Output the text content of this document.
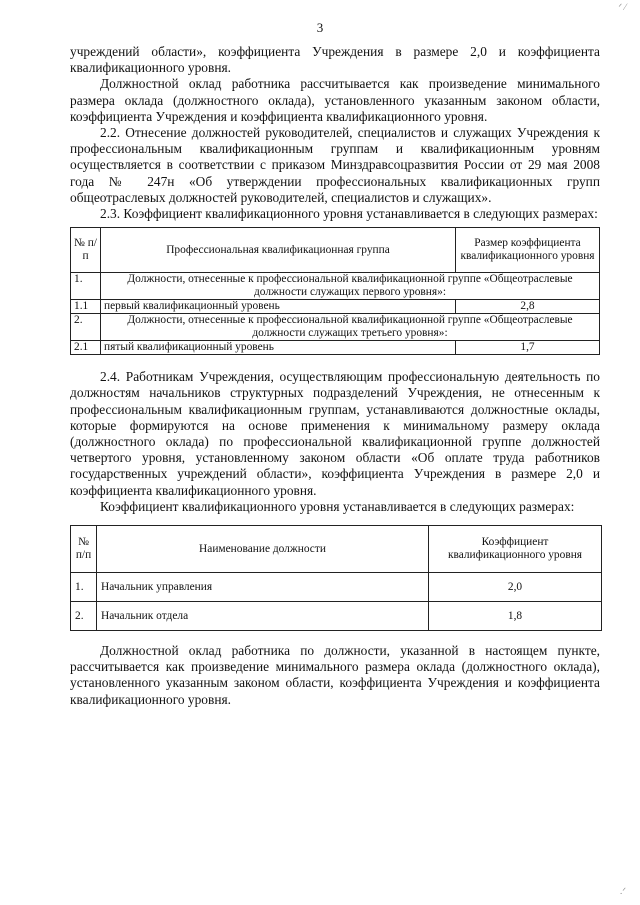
ᐟ ⁄
3

учреждений области», коэффициента Учреждения в размере 2,0 и коэффициента квалификационного уровня.

Должностной оклад работника рассчитывается как произведение минимального размера оклада (должностного оклада), установленного указанным законом области, коэффициента Учреждения и коэффициента квалификационного уровня.

2.2. Отнесение должностей руководителей, специалистов и служащих Учреждения к профессиональным квалификационным группам и квалификационным уровням осуществляется в соответствии с приказом Минздравсоцразвития России от 29 мая 2008 года № 247н «Об утверждении профессиональных квалификационных групп общеотраслевых должностей руководителей, специалистов и служащих».

2.3. Коэффициент квалификационного уровня устанавливается в следующих размерах:

№ п/п	Профессиональная квалификационная группа	Размер коэффициента квалификационного уровня
1.	Должности, отнесенные к профессиональной квалификационной группе «Общеотраслевые должности служащих первого уровня»:	
1.1	первый квалификационный уровень	2,8
2.	Должности, отнесенные к профессиональной квалификационной группе «Общеотраслевые должности служащих третьего уровня»:	
2.1	пятый квалификационный уровень	1,7

2.4. Работникам Учреждения, осуществляющим профессиональную деятельность по должностям начальников структурных подразделений Учреждения, не отнесенным к профессиональным квалификационным группам, устанавливаются должностные оклады, которые формируются на основе применения к минимальному размеру оклада (должностного оклада) по профессиональной квалификационной группе должностей четвертого уровня, установленному законом области «Об оплате труда работников государственных учреждений области», коэффициента Учреждения в размере 2,0 и коэффициента квалификационного уровня.

Коэффициент квалификационного уровня устанавливается в следующих размерах:

№ п/п	Наименование должности	Коэффициент квалификационного уровня
1.	Начальник управления	2,0
2.	Начальник отдела	1,8

Должностной оклад работника по должности, указанной в настоящем пункте, рассчитывается как произведение минимального размера оклада (должностного оклада), установленного указанным законом области, коэффициента Учреждения и коэффициента квалификационного уровня.

.ᐟ
